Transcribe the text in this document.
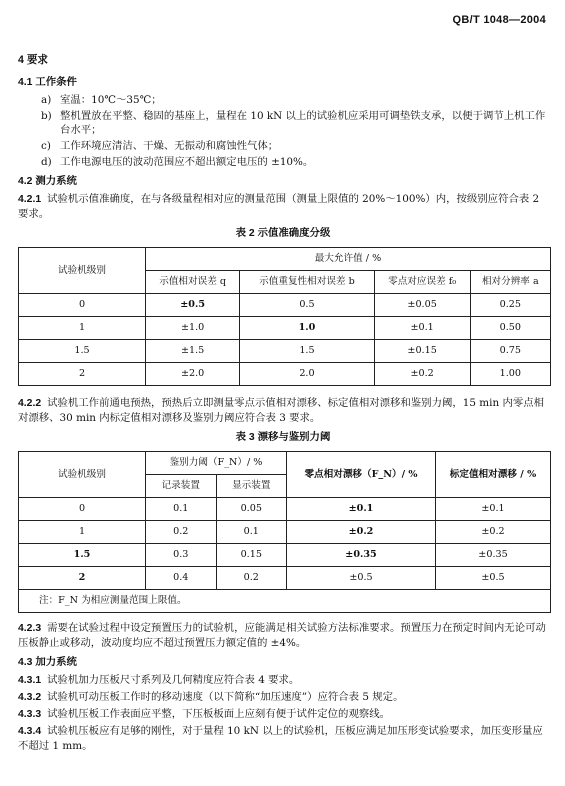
QB/T 1048—2004
4 要求
4.1 工作条件
a) 室温：10℃～35℃；
b) 整机置放在平整、稳固的基座上，量程在 10 kN 以上的试验机应采用可调垫铁支承，以便于调节上机工作台水平；
c) 工作环境应清洁、干燥、无振动和腐蚀性气体；
d) 工作电源电压的波动范围应不超出额定电压的 ±10%。
4.2 测力系统
4.2.1 试验机示值准确度，在与各级量程相对应的测量范围（测量上限值的 20%～100%）内，按级别应符合表 2 要求。
表 2 示值准确度分级
试验机级别	最大允许值 / %			
	示值相对误差 q	示值重复性相对误差 b	零点对应误差 f₀	相对分辨率 a
0	±0.5	0.5	±0.05	0.25
1	±1.0	1.0	±0.1	0.50
1.5	±1.5	1.5	±0.15	0.75
2	±2.0	2.0	±0.2	1.00
4.2.2 试验机工作前通电预热，预热后立即测量零点示值相对漂移、标定值相对漂移和鉴别力阈，15 min 内零点相对漂移、30 min 内标定值相对漂移及鉴别力阈应符合表 3 要求。
表 3 漂移与鉴别力阈
试验机级别	鉴别力阈（F_N）/ %		零点相对漂移（F_N）/ %	标定值相对漂移 / %
	记录装置	显示装置		
0	0.1	0.05	±0.1	±0.1
1	0.2	0.1	±0.2	±0.2
1.5	0.3	0.15	±0.35	±0.35
2	0.4	0.2	±0.5	±0.5
注：F_N 为相应测量范围上限值。				
4.2.3 需要在试验过程中设定预置压力的试验机，应能满足相关试验方法标准要求。预置压力在预定时间内无论可动压板静止或移动，波动度均应不超过预置压力额定值的 ±4%。
4.3 加力系统
4.3.1 试验机加力压板尺寸系列及几何精度应符合表 4 要求。
4.3.2 试验机可动压板工作时的移动速度（以下简称“加压速度”）应符合表 5 规定。
4.3.3 试验机压板工作表面应平整，下压板板面上应刻有便于试件定位的观察线。
4.3.4 试验机压板应有足够的刚性，对于量程 10 kN 以上的试验机，压板应满足加压形变试验要求，加压变形量应不超过 1 mm。
